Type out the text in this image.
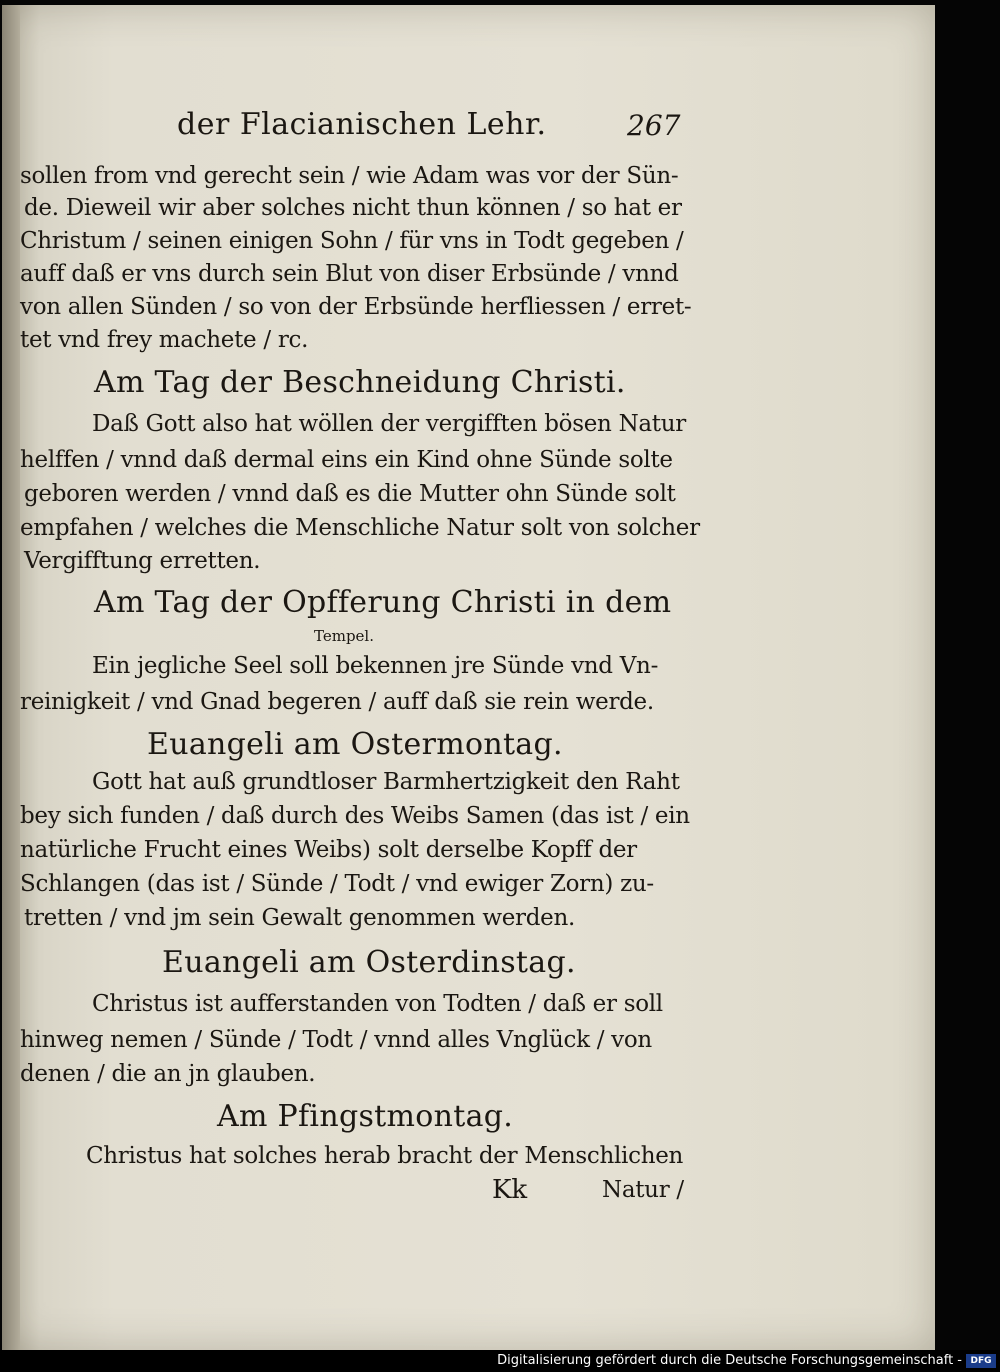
der Flacianischen Lehr.	267
sollen from vnd gerecht sein / wie Adam was vor der Sün-
de. Dieweil wir aber solches nicht thun können / so hat er
Christum / seinen einigen Sohn / für vns in Todt gegeben /
auff daß er vns durch sein Blut von diser Erbsünde / vnnd
von allen Sünden / so von der Erbsünde herfliessen / erret-
tet vnd frey machete / rc.
Am Tag der Beschneidung Christi.
Daß Gott also hat wöllen der vergifften bösen Natur
helffen / vnnd daß dermal eins ein Kind ohne Sünde solte
geboren werden / vnnd daß es die Mutter ohn Sünde solt
empfahen / welches die Menschliche Natur solt von solcher
Vergifftung erretten.
Am Tag der Opfferung Christi in dem
Tempel.
Ein jegliche Seel soll bekennen jre Sünde vnd Vn-
reinigkeit / vnd Gnad begeren / auff daß sie rein werde.
Euangeli am Ostermontag.
Gott hat auß grundtloser Barmhertzigkeit den Raht
bey sich funden / daß durch des Weibs Samen (das ist / ein
natürliche Frucht eines Weibs) solt derselbe Kopff der
Schlangen (das ist / Sünde / Todt / vnd ewiger Zorn) zu-
tretten / vnd jm sein Gewalt genommen werden.
Euangeli am Osterdinstag.
Christus ist aufferstanden von Todten / daß er soll
hinweg nemen / Sünde / Todt / vnnd alles Vnglück / von
denen / die an jn glauben.
Am Pfingstmontag.
Christus hat solches herab bracht der Menschlichen
Kk	Natur /
Digitalisierung gefördert durch die Deutsche Forschungsgemeinschaft - DFG
